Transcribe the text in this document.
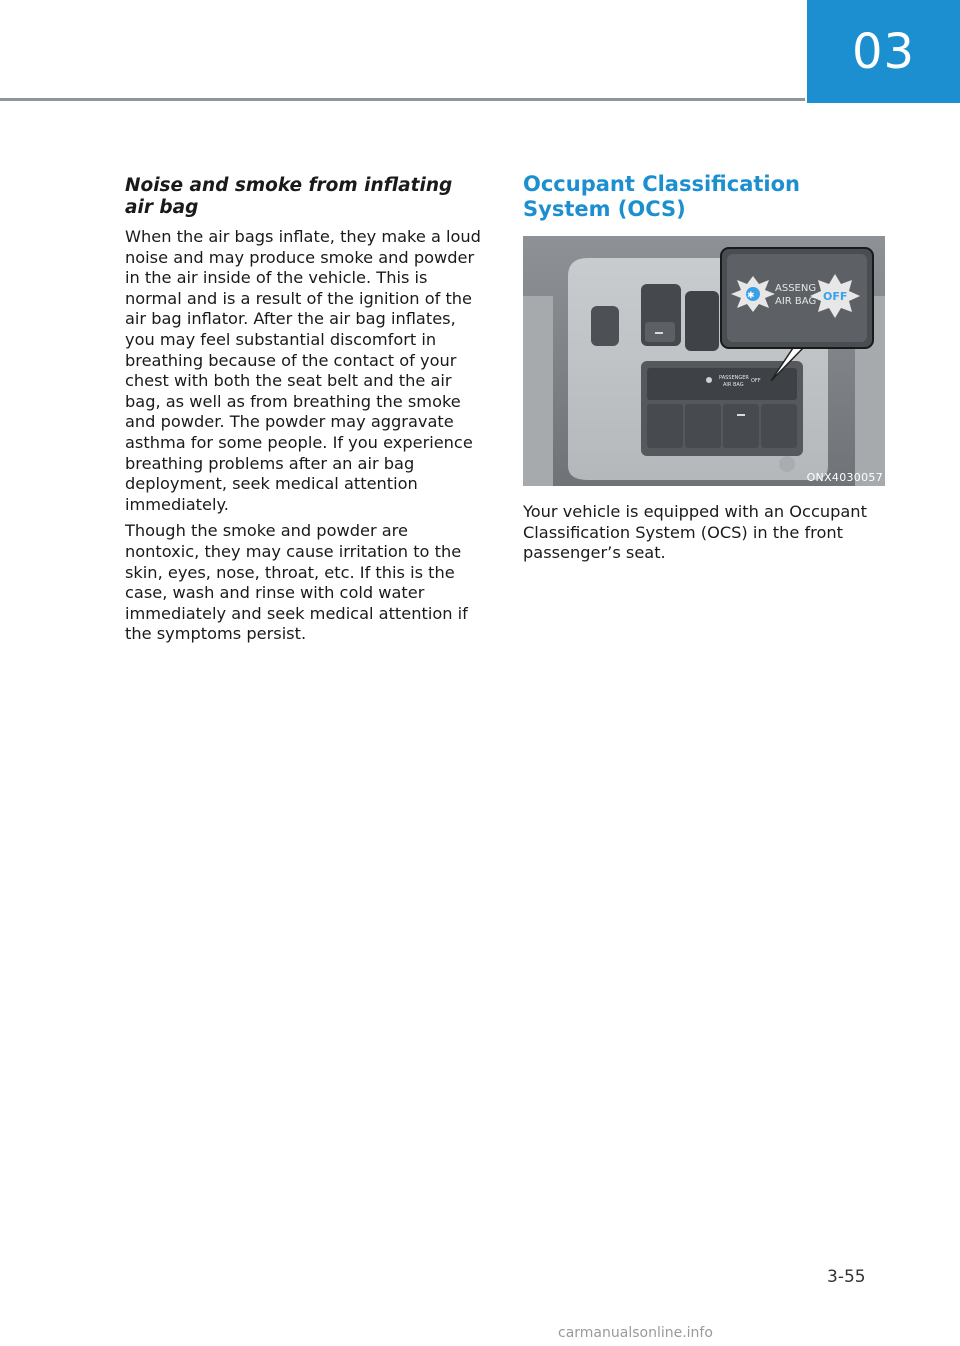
03
Noise and smoke from inflating air bag

When the air bags inflate, they make a loud noise and may produce smoke and powder in the air inside of the vehicle. This is normal and is a result of the ignition of the air bag inflator. After the air bag inflates, you may feel substantial discomfort in breathing because of the contact of your chest with both the seat belt and the air bag, as well as from breathing the smoke and powder. The powder may aggravate asthma for some people. If you experience breathing problems after an air bag deployment, seek medical attention immediately.

Though the smoke and powder are nontoxic, they may cause irritation to the skin, eyes, nose, throat, etc. If this is the case, wash and rinse with cold water immediately and seek medical attention if the symptoms persist.

Occupant Classification System (OCS)
PASSENGER
AIR BAG
OFF
✱
ASSENG
AIR BAG OFF
ONX4030057

Your vehicle is equipped with an Occupant Classification System (OCS) in the front passenger’s seat.

3-55
carmanualsonline.info
